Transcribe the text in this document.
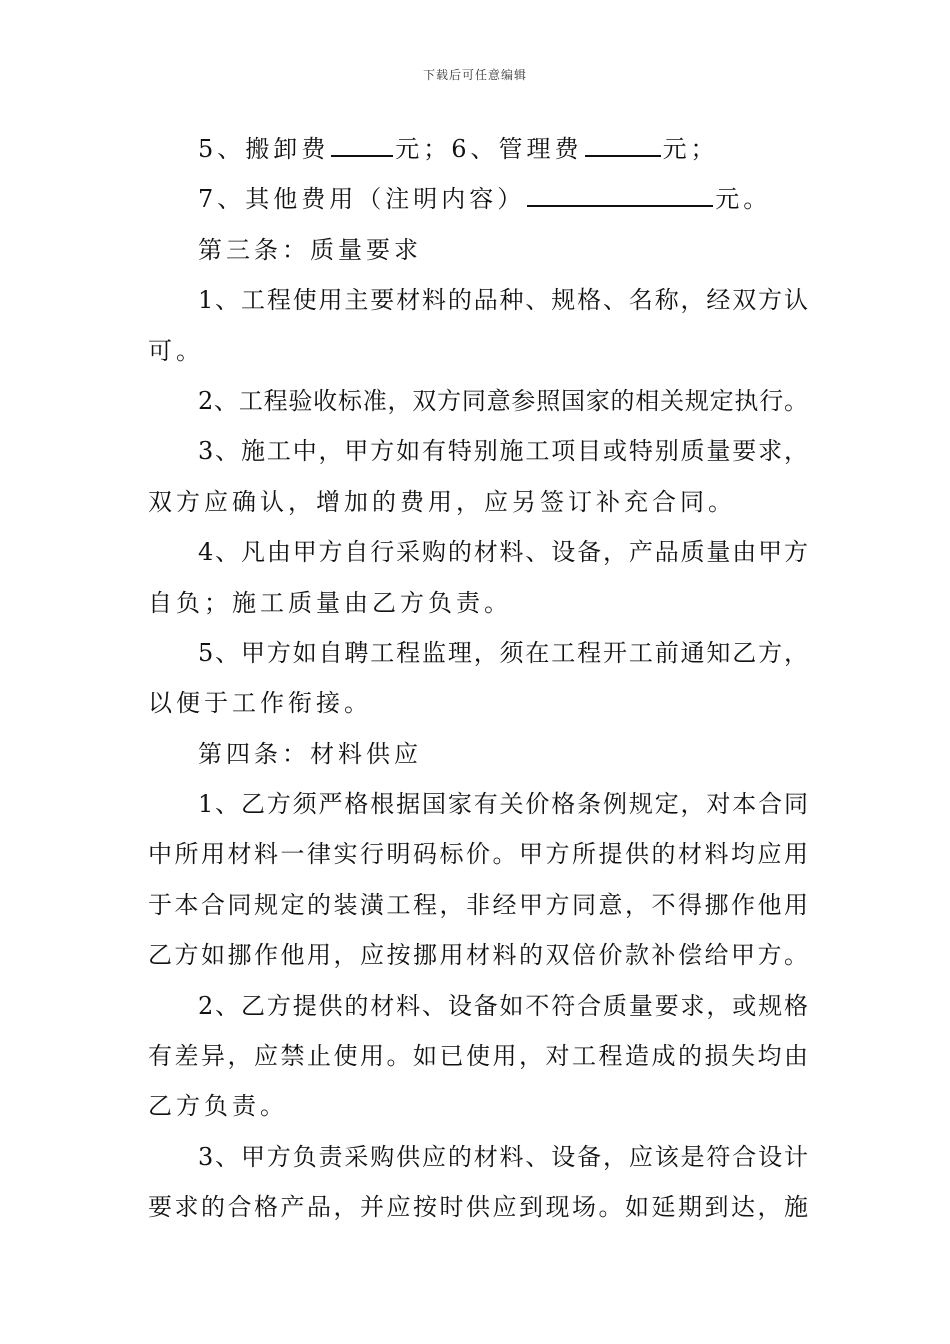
下载后可任意编辑
5、搬卸费	元；6、管理费	元；
7、其他费用（注明内容）	元。
第三条：质量要求
1、工程使用主要材料的品种、规格、名称，经双方认
可。
2、工程验收标准，双方同意参照国家的相关规定执行。
3、施工中，甲方如有特别施工项目或特别质量要求，
双方应确认，增加的费用，应另签订补充合同。
4、凡由甲方自行采购的材料、设备，产品质量由甲方
自负；施工质量由乙方负责。
5、甲方如自聘工程监理，须在工程开工前通知乙方，
以便于工作衔接。
第四条：材料供应
1、乙方须严格根据国家有关价格条例规定，对本合同
中所用材料一律实行明码标价。甲方所提供的材料均应用
于本合同规定的装潢工程，非经甲方同意，不得挪作他用
乙方如挪作他用，应按挪用材料的双倍价款补偿给甲方。
2、乙方提供的材料、设备如不符合质量要求，或规格
有差异，应禁止使用。如已使用，对工程造成的损失均由
乙方负责。
3、甲方负责采购供应的材料、设备，应该是符合设计
要求的合格产品，并应按时供应到现场。如延期到达，施
